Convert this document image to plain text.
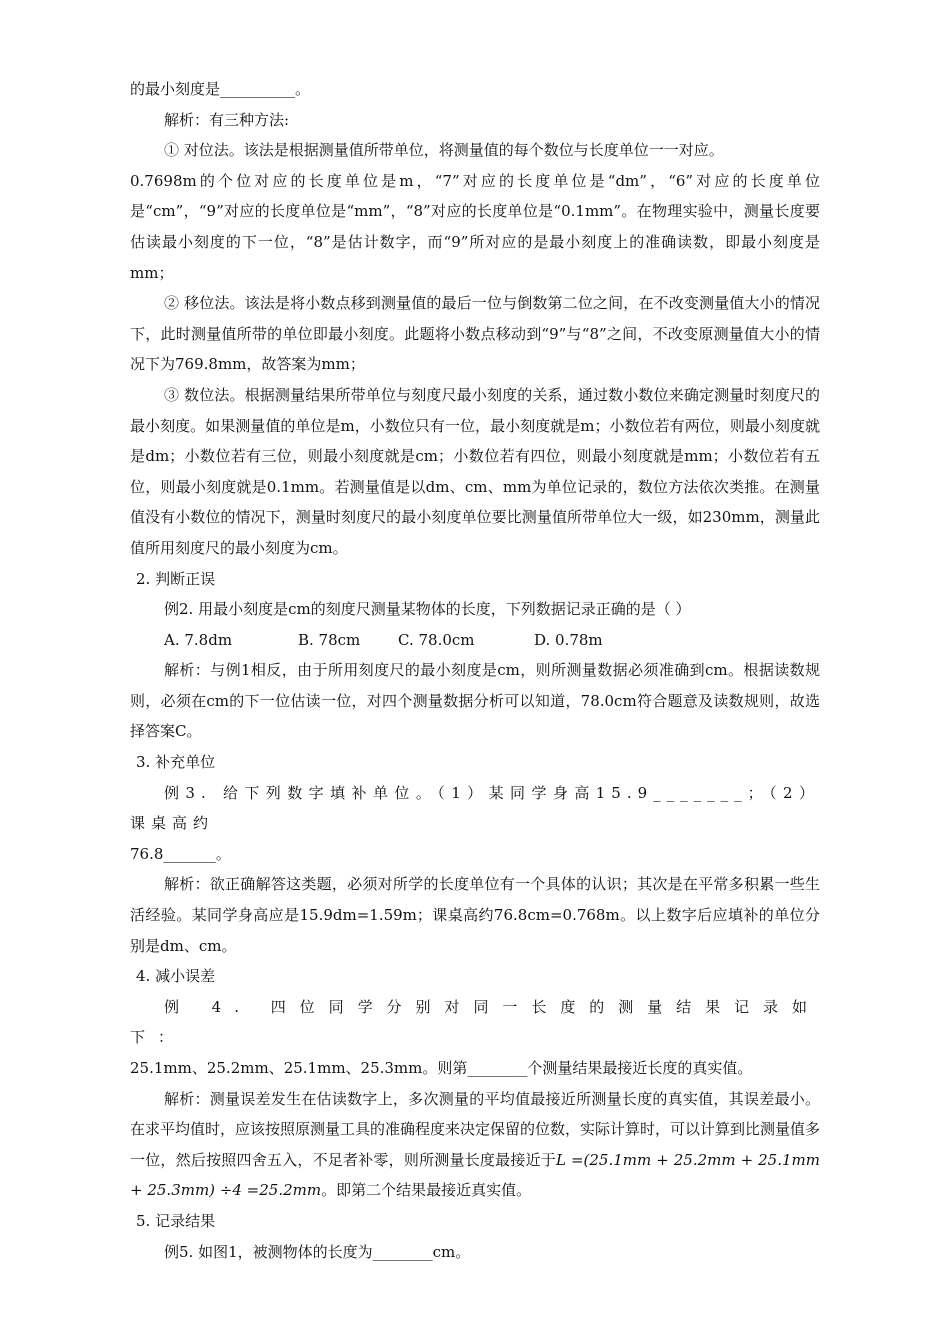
的最小刻度是__________。

解析：有三种方法:

① 对位法。该法是根据测量值所带单位，将测量值的每个数位与长度单位一一对应。

0.7698m的个位对应的长度单位是m，“7”对应的长度单位是“dm”，“6”对应的长度单位是“cm”，“9”对应的长度单位是“mm”，“8”对应的长度单位是“0.1mm”。在物理实验中，测量长度要估读最小刻度的下一位，“8”是估计数字，而“9”所对应的是最小刻度上的准确读数，即最小刻度是mm；

② 移位法。该法是将小数点移到测量值的最后一位与倒数第二位之间，在不改变测量值大小的情况下，此时测量值所带的单位即最小刻度。此题将小数点移动到“9”与“8”之间，不改变原测量值大小的情况下为769.8mm，故答案为mm；

③ 数位法。根据测量结果所带单位与刻度尺最小刻度的关系，通过数小数位来确定测量时刻度尺的最小刻度。如果测量值的单位是m，小数位只有一位，最小刻度就是m；小数位若有两位，则最小刻度就是dm；小数位若有三位，则最小刻度就是cm；小数位若有四位，则最小刻度就是mm；小数位若有五位，则最小刻度就是0.1mm。若测量值是以dm、cm、mm为单位记录的，数位方法依次类推。在测量值没有小数位的情况下，测量时刻度尺的最小刻度单位要比测量值所带单位大一级，如230mm，测量此值所用刻度尺的最小刻度为cm。

2. 判断正误

例2. 用最小刻度是cm的刻度尺测量某物体的长度，下列数据记录正确的是（ ）

A. 7.8dm	B. 78cm	C. 78.0cm	D. 0.78m

解析：与例1相反，由于所用刻度尺的最小刻度是cm，则所测量数据必须准确到cm。根据读数规则，必须在cm的下一位估读一位，对四个测量数据分析可以知道，78.0cm符合题意及读数规则，故选择答案C。

3. 补充单位

例3. 给下列数字填补单位。（1）某同学身高15.9_______；（2）课桌高约

76.8_______。

解析：欲正确解答这类题，必须对所学的长度单位有一个具体的认识；其次是在平常多积累一些生活经验。某同学身高应是15.9dm=1.59m；课桌高约76.8cm=0.768m。以上数字后应填补的单位分别是dm、cm。

4. 减小误差

例 4. 四位同学分别对同一长度的测量结果记录如下：

25.1mm、25.2mm、25.1mm、25.3mm。则第________个测量结果最接近长度的真实值。

解析：测量误差发生在估读数字上，多次测量的平均值最接近所测量长度的真实值，其误差最小。在求平均值时，应该按照原测量工具的准确程度来决定保留的位数，实际计算时，可以计算到比测量值多一位，然后按照四舍五入，不足者补零，则所测量长度最接近于L =(25.1mm + 25.2mm + 25.1mm + 25.3mm) ÷4 =25.2mm。即第二个结果最接近真实值。

5. 记录结果

例5. 如图1，被测物体的长度为________cm。
